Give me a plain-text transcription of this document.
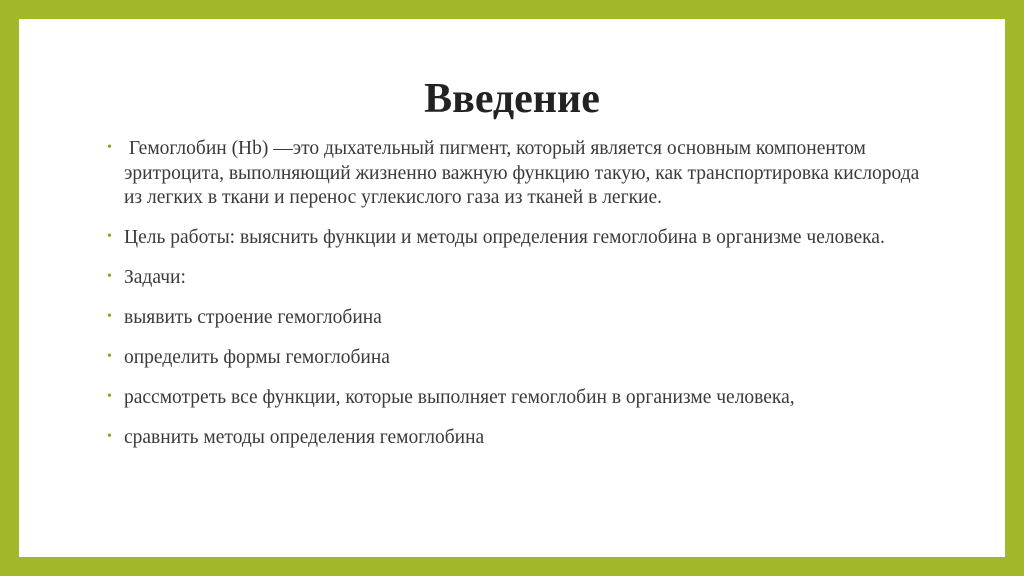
Введение
• Гемоглобин (Hb) —это дыхательный пигмент, который является основным компонентом эритроцита, выполняющий жизненно важную функцию такую, как транспортировка кислорода из легких в ткани и перенос углекислого газа из тканей в легкие.
• Цель работы: выяснить функции и методы определения гемоглобина в организме человека.
• Задачи:
• выявить строение гемоглобина
• определить формы гемоглобина
• рассмотреть все функции, которые выполняет гемоглобин в организме человека,
• сравнить методы определения гемоглобина
